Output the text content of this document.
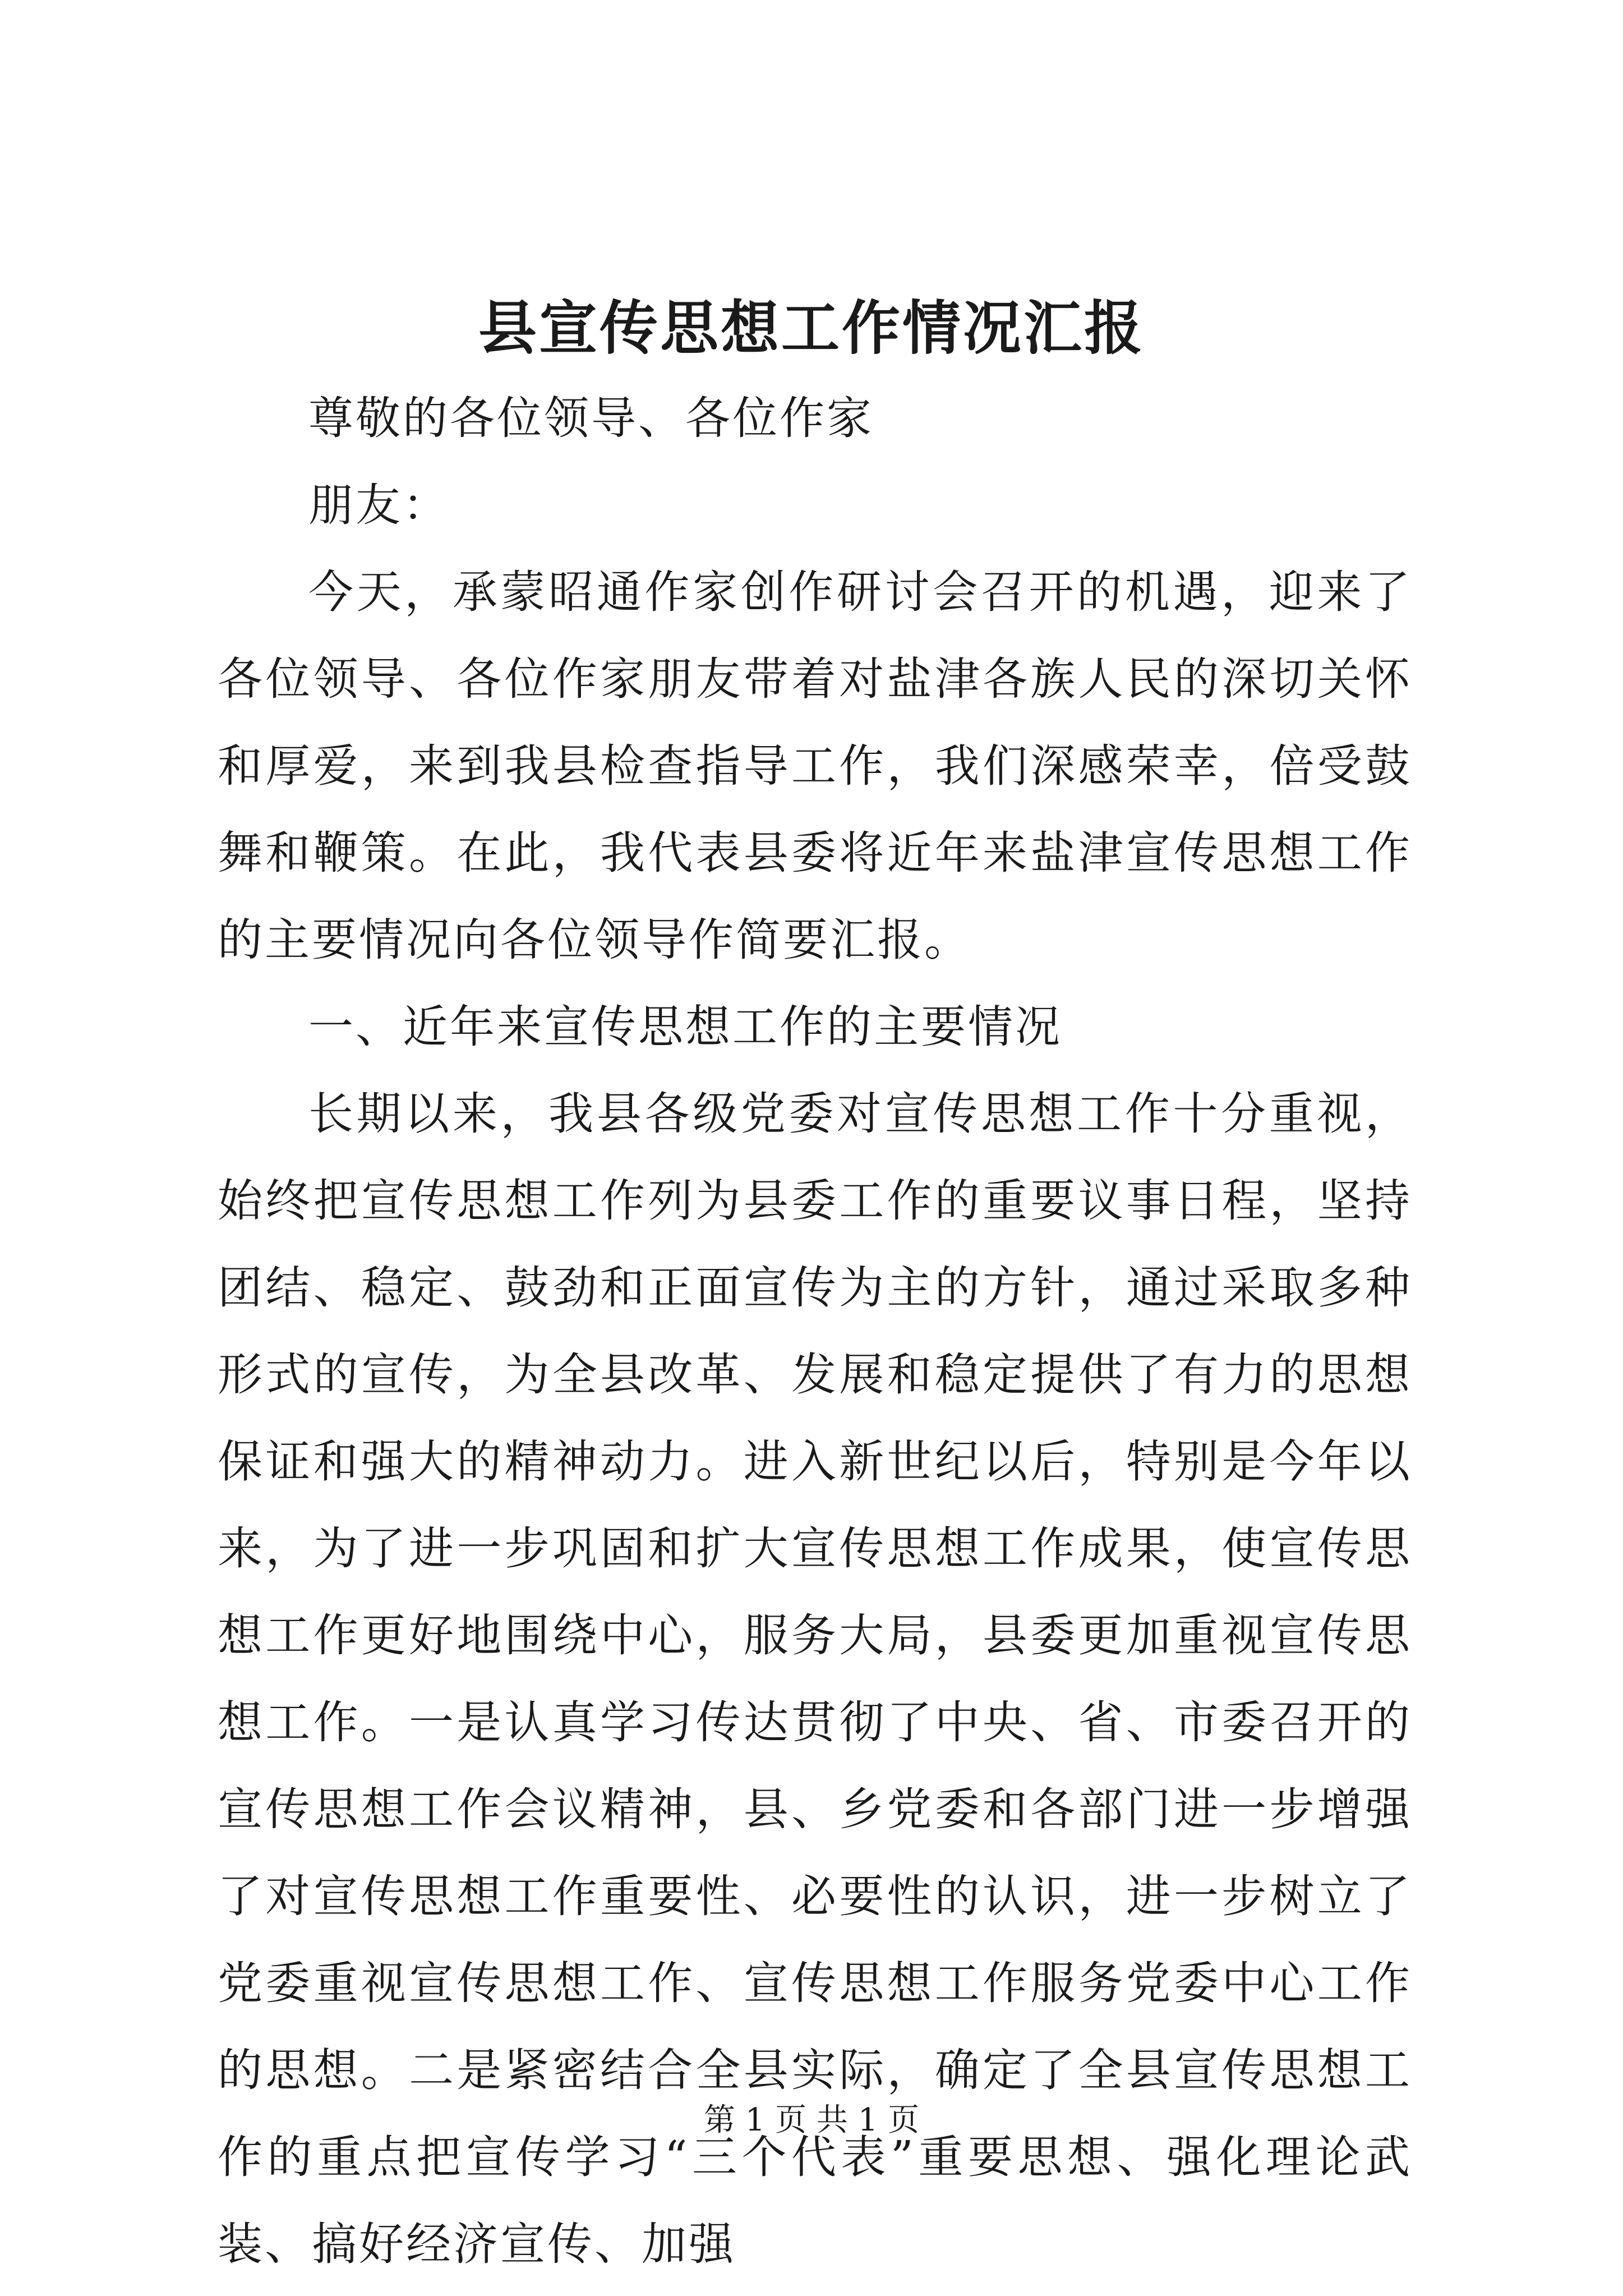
县宣传思想工作情况汇报

尊敬的各位领导、各位作家

朋友：

今天，承蒙昭通作家创作研讨会召开的机遇，迎来了各位领导、各位作家朋友带着对盐津各族人民的深切关怀和厚爱，来到我县检查指导工作，我们深感荣幸，倍受鼓舞和鞭策。在此，我代表县委将近年来盐津宣传思想工作的主要情况向各位领导作简要汇报。

一、近年来宣传思想工作的主要情况

长期以来，我县各级党委对宣传思想工作十分重视，始终把宣传思想工作列为县委工作的重要议事日程，坚持团结、稳定、鼓劲和正面宣传为主的方针，通过采取多种形式的宣传，为全县改革、发展和稳定提供了有力的思想保证和强大的精神动力。进入新世纪以后，特别是今年以来，为了进一步巩固和扩大宣传思想工作成果，使宣传思想工作更好地围绕中心，服务大局，县委更加重视宣传思想工作。一是认真学习传达贯彻了中央、省、市委召开的宣传思想工作会议精神，县、乡党委和各部门进一步增强了对宣传思想工作重要性、必要性的认识，进一步树立了党委重视宣传思想工作、宣传思想工作服务党委中心工作的思想。二是紧密结合全县实际，确定了全县宣传思想工作的重点把宣传学习“三个代表”重要思想、强化理论武装、搞好经济宣传、加强

第 1 页 共 1 页
